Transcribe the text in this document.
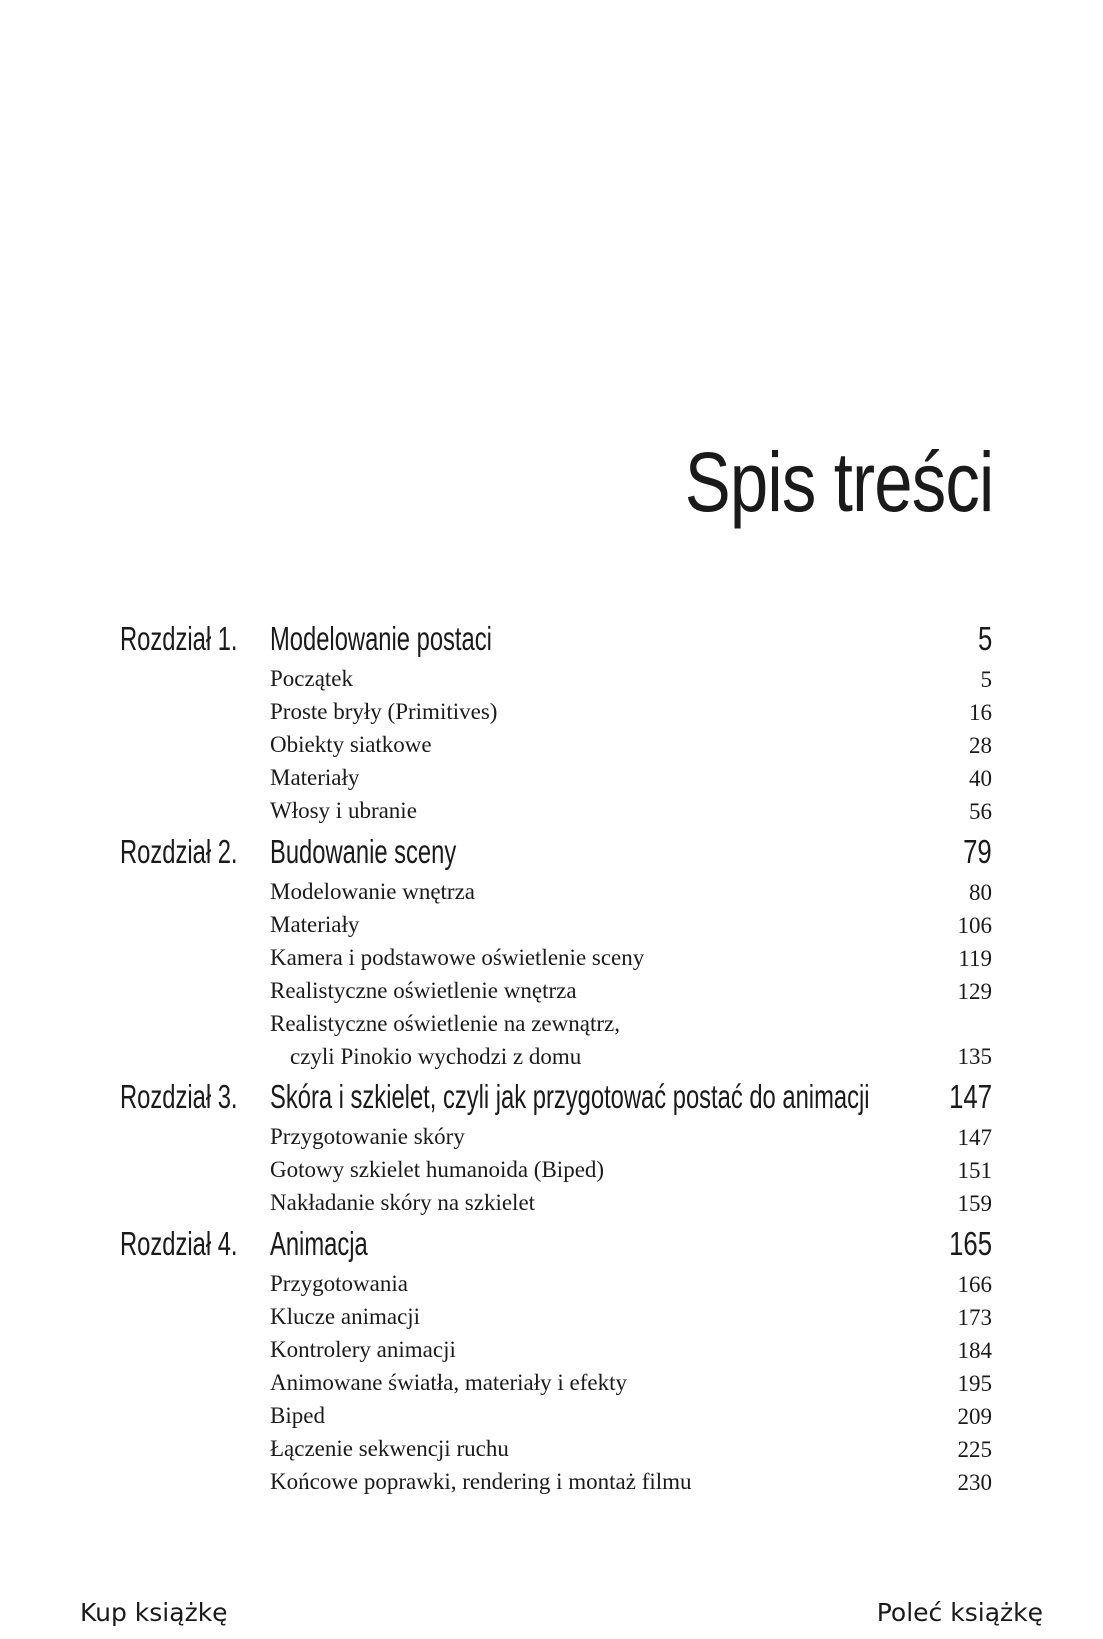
Spis treści
Rozdział 1. Modelowanie postaci	5
Początek	5
Proste bryły (Primitives)	16
Obiekty siatkowe	28
Materiały	40
Włosy i ubranie	56
Rozdział 2. Budowanie sceny	79
Modelowanie wnętrza	80
Materiały	106
Kamera i podstawowe oświetlenie sceny	119
Realistyczne oświetlenie wnętrza	129
Realistyczne oświetlenie na zewnątrz,
czyli Pinokio wychodzi z domu	135
Rozdział 3. Skóra i szkielet, czyli jak przygotować postać do animacji 147
Przygotowanie skóry	147
Gotowy szkielet humanoida (Biped)	151
Nakładanie skóry na szkielet	159
Rozdział 4. Animacja	165
Przygotowania	166
Klucze animacji	173
Kontrolery animacji	184
Animowane światła, materiały i efekty	195
Biped	209
Łączenie sekwencji ruchu	225
Końcowe poprawki, rendering i montaż filmu	230
Kup książkę	Poleć książkę
